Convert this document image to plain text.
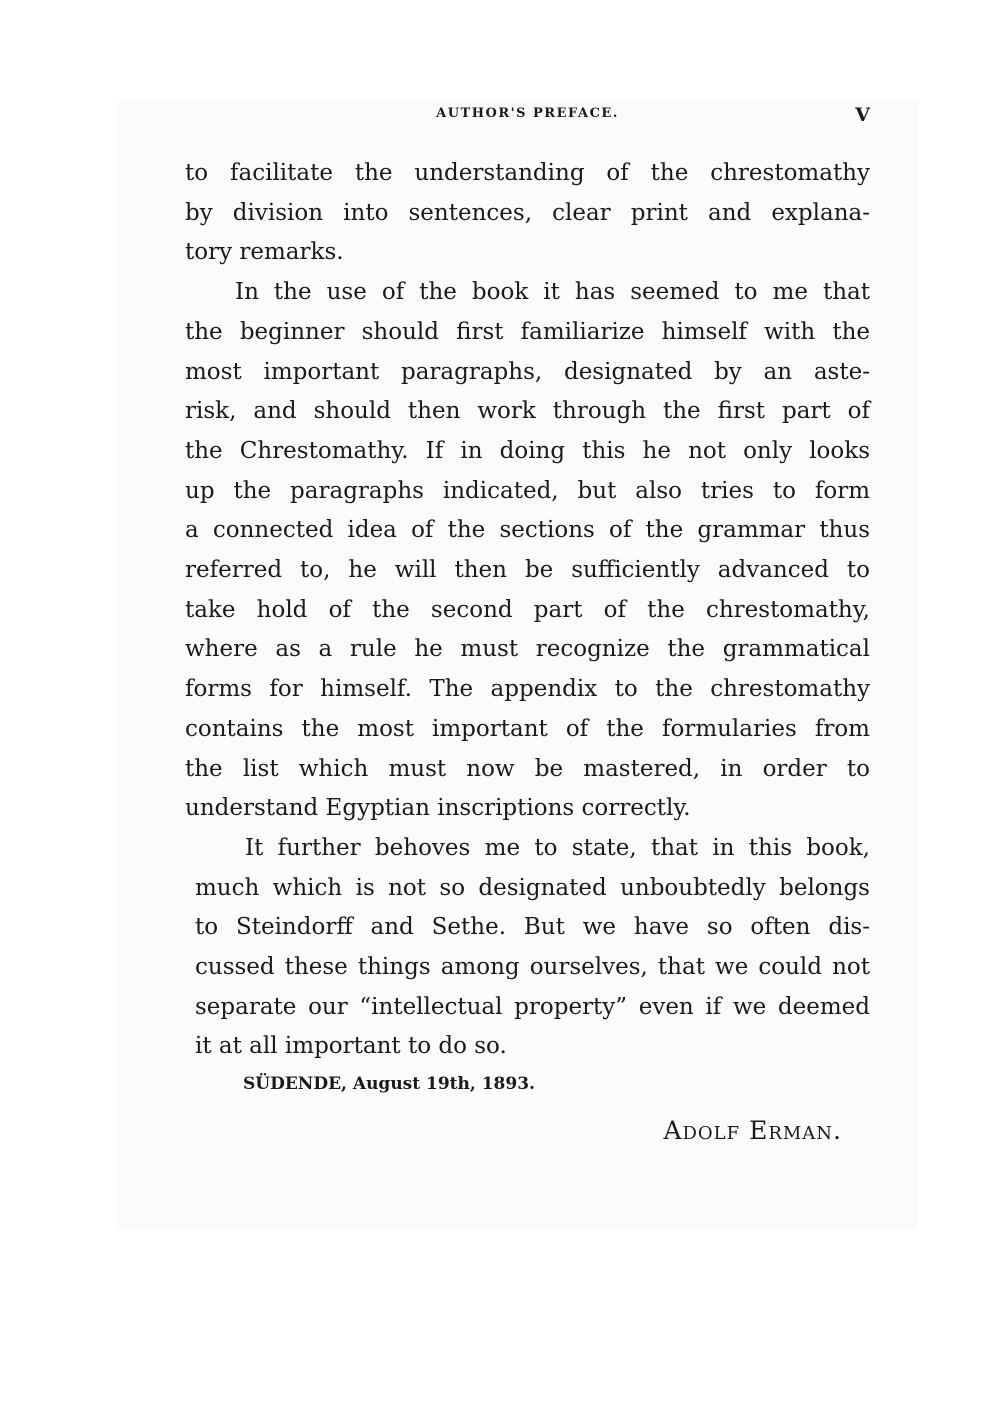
AUTHOR'S PREFACE.	V
to facilitate the understanding of the chrestomathy
by division into sentences, clear print and explana-
tory remarks.
In the use of the book it has seemed to me that
the beginner should first familiarize himself with the
most important paragraphs, designated by an aste-
risk, and should then work through the first part of
the Chrestomathy. If in doing this he not only looks
up the paragraphs indicated, but also tries to form
a connected idea of the sections of the grammar thus
referred to, he will then be sufficiently advanced to
take hold of the second part of the chrestomathy,
where as a rule he must recognize the grammatical
forms for himself. The appendix to the chrestomathy
contains the most important of the formularies from
the list which must now be mastered, in order to
understand Egyptian inscriptions correctly.
It further behoves me to state, that in this book,
much which is not so designated unboubtedly belongs
to Steindorff and Sethe. But we have so often dis-
cussed these things among ourselves, that we could not
separate our “intellectual property” even if we deemed
it at all important to do so.
SÜDENDE, August 19th, 1893.
Adolf Erman.
